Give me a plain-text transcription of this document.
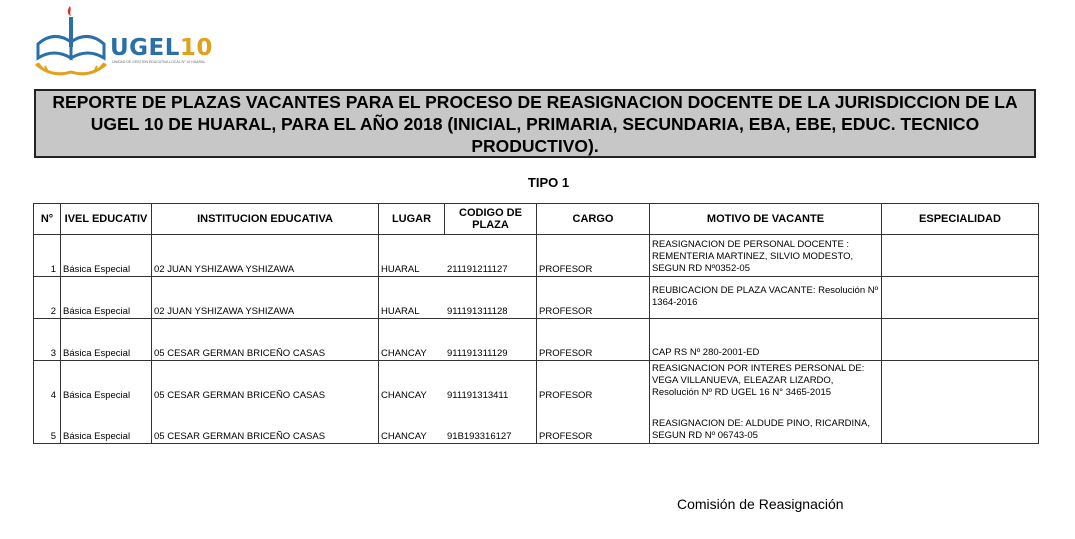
UGEL10
UNIDAD DE GESTIÓN EDUCATIVA LOCAL Nº 10 HUARAL
REPORTE DE PLAZAS VACANTES PARA EL PROCESO DE REASIGNACION DOCENTE DE LA JURISDICCION DE LA UGEL 10 DE HUARAL, PARA EL AÑO 2018 (INICIAL, PRIMARIA, SECUNDARIA, EBA, EBE, EDUC. TECNICO PRODUCTIVO).
TIPO 1
N°	IVEL EDUCATIV	INSTITUCION EDUCATIVA	LUGAR	CODIGO DE PLAZA	CARGO	MOTIVO DE VACANTE	ESPECIALIDAD
1	Básica Especial	02 JUAN YSHIZAWA YSHIZAWA	HUARAL 211191211127		PROFESOR	REASIGNACION DE PERSONAL DOCENTE : REMENTERIA MARTINEZ, SILVIO MODESTO, SEGUN RD Nº0352-05	
2	Básica Especial	02 JUAN YSHIZAWA YSHIZAWA	HUARAL 911191311128		PROFESOR	REUBICACION DE PLAZA VACANTE: Resolución Nº 1364-2016	
3	Básica Especial	05 CESAR GERMAN BRICEÑO CASAS	CHANCAY 911191311129		PROFESOR	CAP RS Nº 280-2001-ED	
4	Básica Especial	05 CESAR GERMAN BRICEÑO CASAS	CHANCAY 911191313411		PROFESOR	REASIGNACION POR INTERES PERSONAL DE: VEGA VILLANUEVA, ELEAZAR LIZARDO, Resolución Nº RD UGEL 16 N° 3465-2015	
5	Básica Especial	05 CESAR GERMAN BRICEÑO CASAS	CHANCAY 91B193316127		PROFESOR	REASIGNACION DE: ALDUDE PINO, RICARDINA, SEGUN RD Nº 06743-05	
Comisión de Reasignación
